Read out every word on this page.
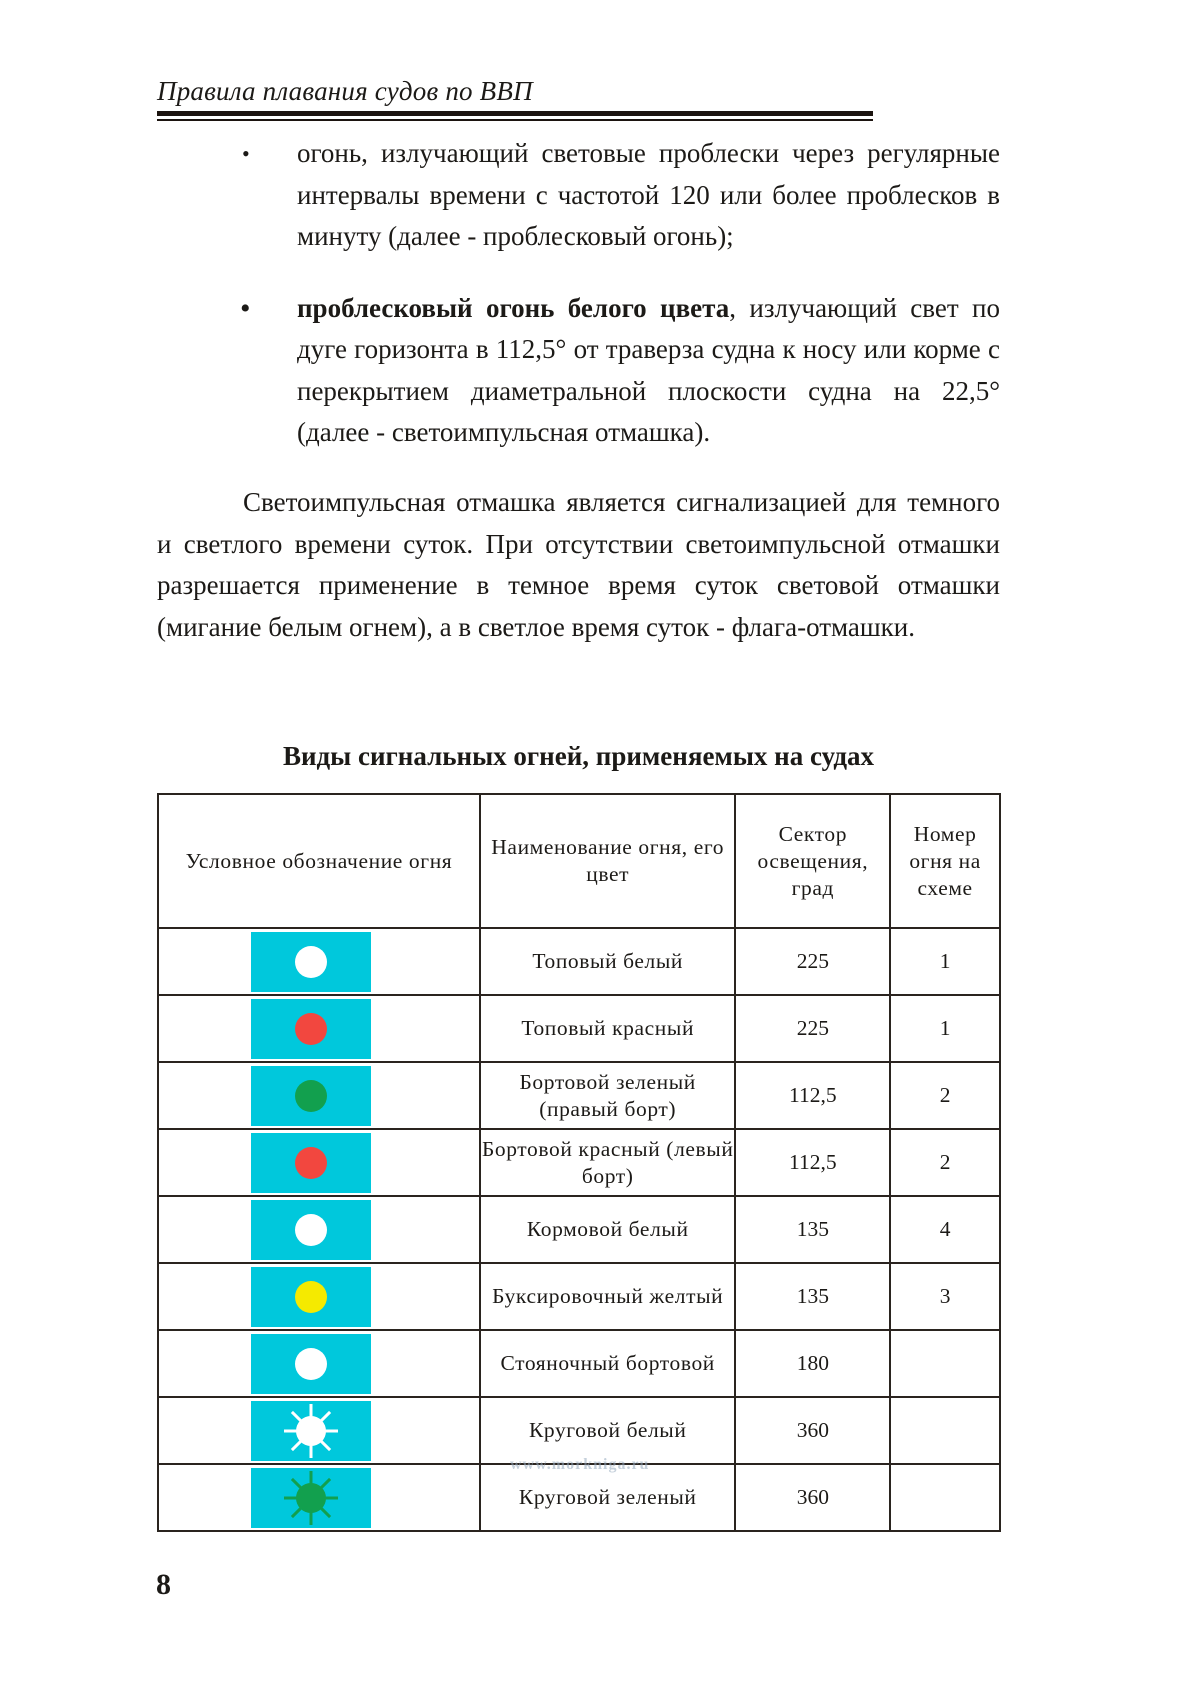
Правила плавания судов по ВВП
• огонь, излучающий световые проблески через регулярные интервалы времени с частотой 120 или более проблесков в минуту (далее - проблесковый огонь);
• проблесковый огонь белого цвета, излучающий свет по дуге горизонта в 112,5° от траверза судна к носу или корме с перекрытием диаметральной плоскости судна на 22,5° (далее - светоимпульсная отмашка).
Светоимпульсная отмашка является сигнализацией для темного и светлого времени суток. При отсутствии светоимпульсной отмашки разрешается применение в темное время суток световой отмашки (мигание белым огнем), а в светлое время суток - флага-отмашки.
Виды сигнальных огней, применяемых на судах
Условное обозначение огня	Наименование огня, его цвет	Сектор освещения, град	Номер огня на схеме

	Топовый белый	225	1

	Топовый красный	225	1

	Бортовой зеленый (правый борт)	112,5	2

	Бортовой красный (левый борт)	112,5	2

	Кормовой белый	135	4

	Буксировочный желтый	135	3

	Стояночный бортовой	180	

	Круговой белый	360	

	Круговой зеленый	360	
www.morkniga.ru
8
